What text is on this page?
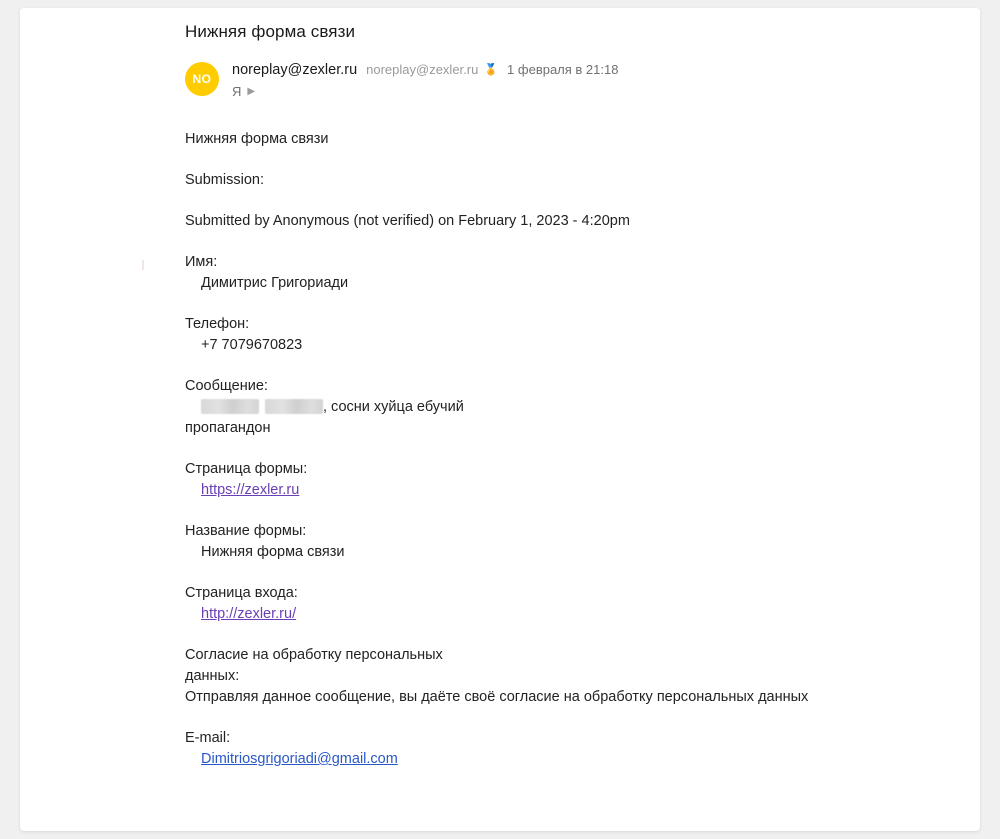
Нижняя форма связи
NO
noreplay@zexler.ru noreplay@zexler.ru 🏅 1 февраля в 21:18
Я ▶

Нижняя форма связи

Submission:

Submitted by Anonymous (not verified) on February 1, 2023 - 4:20pm

Имя:

Димитрис Григориади

Телефон:

+7 7079670823

Сообщение:

, сосни хуйца ебучий

пропагандон

Страница формы:

https://zexler.ru

Название формы:

Нижняя форма связи

Страница входа:

http://zexler.ru/

Согласие на обработку персональных

данных:

Отправляя данное сообщение, вы даёте своё согласие на обработку персональных данных

E-mail:

Dimitriosgrigoriadi@gmail.com
